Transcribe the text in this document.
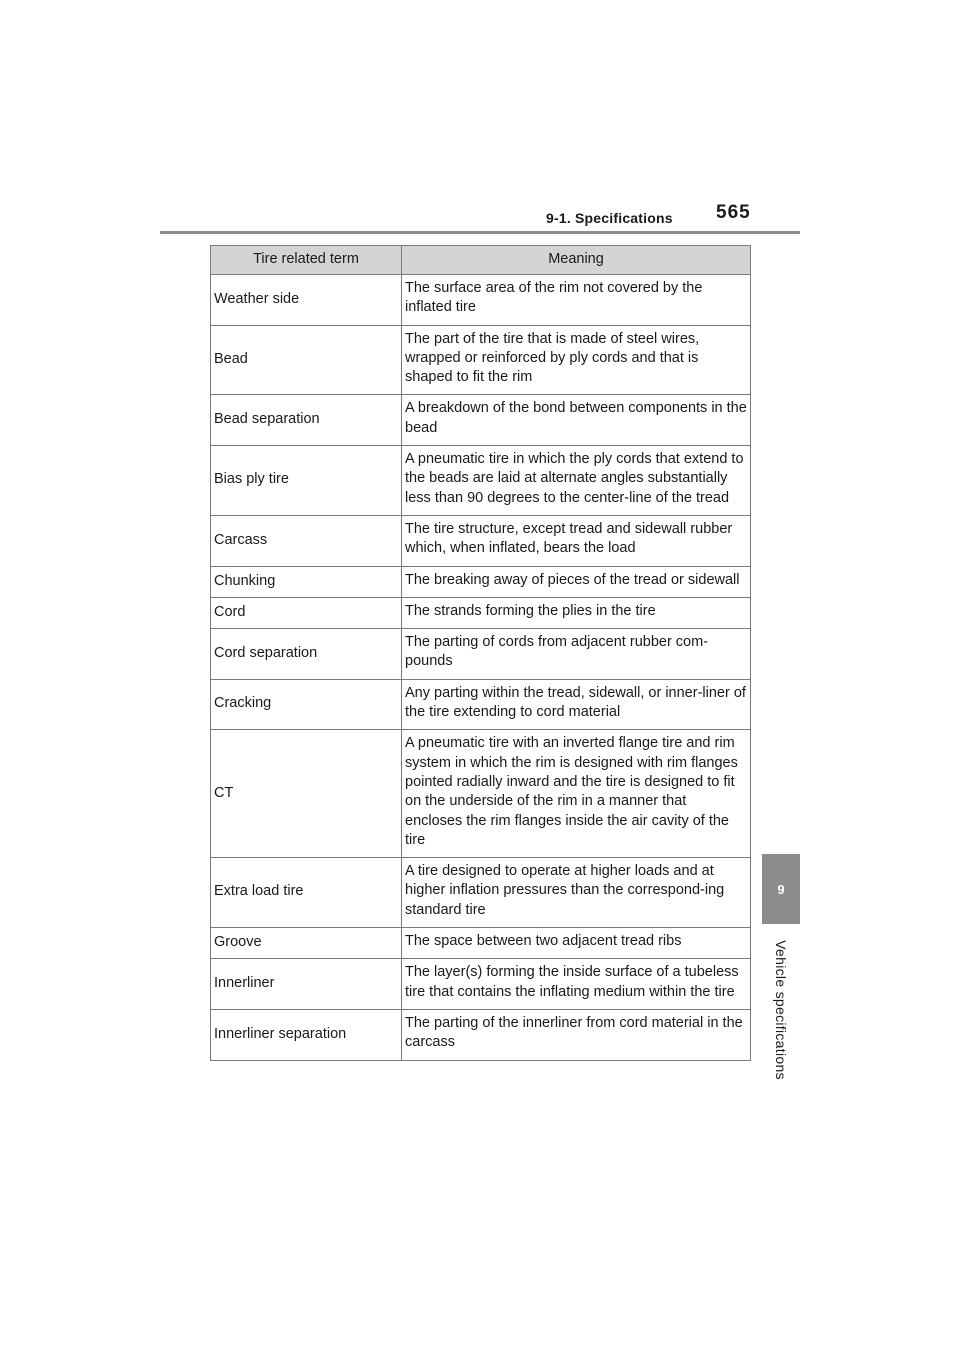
9-1. Specifications 565
9
Vehicle specifications
Tire related term	Meaning
Weather side	The surface area of the rim not covered by the inflated tire
Bead	The part of the tire that is made of steel wires, wrapped or reinforced by ply cords and that is shaped to fit the rim
Bead separation	A breakdown of the bond between components in the bead
Bias ply tire	A pneumatic tire in which the ply cords that extend to the beads are laid at alternate angles substantially less than 90 degrees to the center-line of the tread
Carcass	The tire structure, except tread and sidewall rubber which, when inflated, bears the load
Chunking	The breaking away of pieces of the tread or sidewall
Cord	The strands forming the plies in the tire
Cord separation	The parting of cords from adjacent rubber com-pounds
Cracking	Any parting within the tread, sidewall, or inner-liner of the tire extending to cord material
CT	A pneumatic tire with an inverted flange tire and rim system in which the rim is designed with rim flanges pointed radially inward and the tire is designed to fit on the underside of the rim in a manner that encloses the rim flanges inside the air cavity of the tire
Extra load tire	A tire designed to operate at higher loads and at higher inflation pressures than the correspond-ing standard tire
Groove	The space between two adjacent tread ribs
Innerliner	The layer(s) forming the inside surface of a tubeless tire that contains the inflating medium within the tire
Innerliner separation	The parting of the innerliner from cord material in the carcass
